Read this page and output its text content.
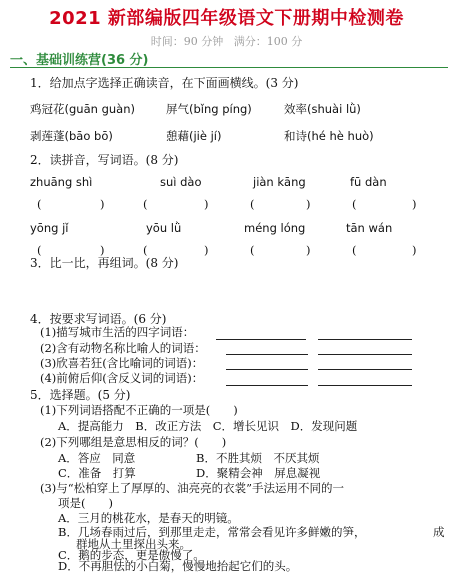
2021 新部编版四年级语文下册期中检测卷
时间：90 分钟 满分：100 分
一、基础训练营(36 分)
1．给加点字选择正确读音，在下面画横线。(3 分)
鸡冠花(guān guàn)	屏气(bǐng píng)	效率(shuài lǜ)
剥莲蓬(bāo bō)	憩藉(jiè jí)	和诗(hé hè huò)
2．读拼音，写词语。(8 分)
zhuāng shì	suì dào	jiàn kāng	fū dàn
(	)	(	)	(	)	(	)
yōng jǐ	yōu lǜ	méng lóng	tān wán
(	)	(	)	(	)	(	)
3．比一比，再组词。(8 分)
4．按要求写词语。(6 分)
(1)描写城市生活的四字词语：
(2)含有动物名称比喻人的词语：
(3)欣喜若狂(含比喻词的词语)：
(4)前俯后仰(含反义词的词语)：
5．选择题。(5 分)
(1)下列词语搭配不正确的一项是(　　)
A．提高能力　B．改正方法　C．增长见识　D．发现问题
(2)下列哪组是意思相反的词？(　　)
A．答应　同意	B．不胜其烦　不厌其烦
C．准备　打算	D．聚精会神　屏息凝视
(3)与“松柏穿上了厚厚的、油亮亮的衣裳”手法运用不同的一
项是(　　)
A．三月的桃花水，是春天的明镜。
B．几场春雨过后，到那里走走，常常会看见许多鲜嫩的笋，	成
群地从土里探出头来。
C．鹅的步态，更是傲慢了。
D．不再胆怯的小白菊，慢慢地抬起它们的头。
